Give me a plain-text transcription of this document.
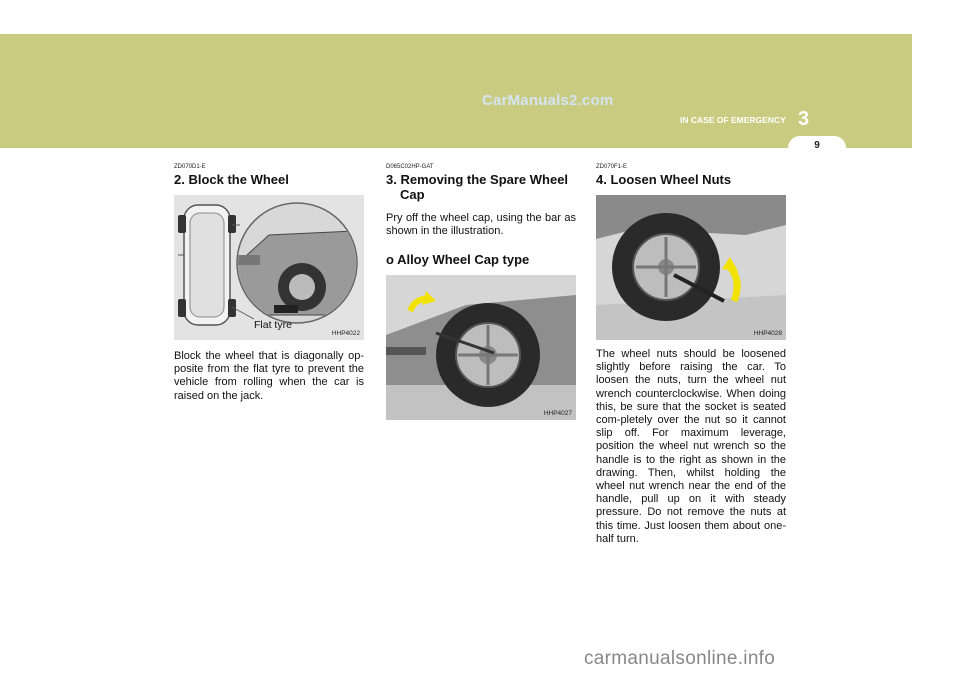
CarManuals2.com
IN CASE OF EMERGENCY 3
9
ZD070D1-E
2. Block the Wheel
Flat tyre
HHP4022

Block the wheel that is diagonally op-posite from the flat tyre to prevent the vehicle from rolling when the car is raised on the jack.

D065C02HP-GAT
3. Removing the Spare Wheel
Cap

Pry off the wheel cap, using the bar as shown in the illustration.

o Alloy Wheel Cap type
HHP4027
ZD070F1-E
4. Loosen Wheel Nuts
HHP4028

The wheel nuts should be loosened slightly before raising the car. To loosen the nuts, turn the wheel nut wrench counterclockwise. When doing this, be sure that the socket is seated com-pletely over the nut so it cannot slip off. For maximum leverage, position the wheel nut wrench so the handle is to the right as shown in the drawing. Then, whilst holding the wheel nut wrench near the end of the handle, pull up on it with steady pressure. Do not remove the nuts at this time. Just loosen them about one-half turn.

carmanualsonline.info
